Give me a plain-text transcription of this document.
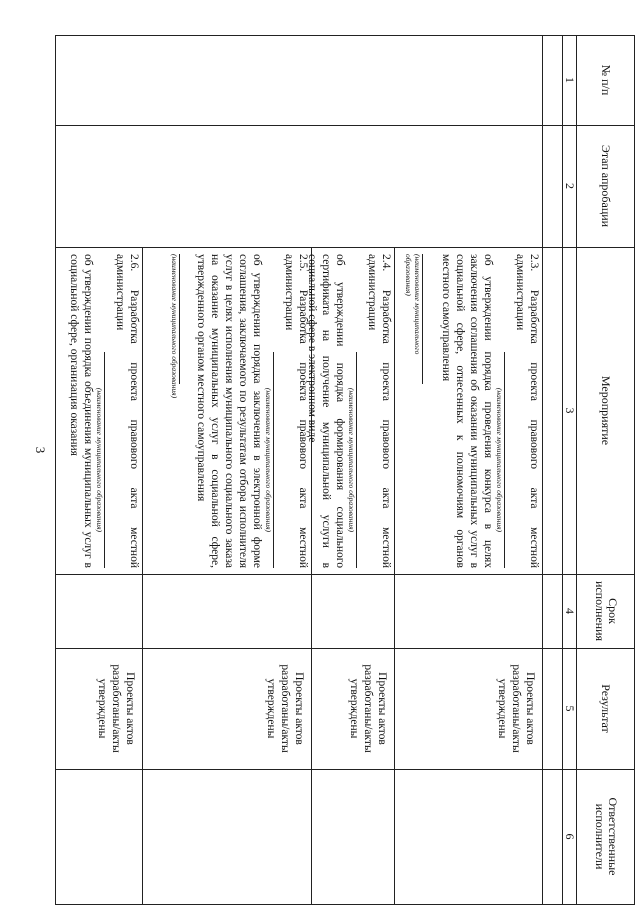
3
№ п/п
Этап апробации
Мероприятие
Срок исполнения
Результат
Ответственные исполнители
1
2
3
4
5
6
2.3. Разработка проекта правового акта местной администрации
(наименование муниципального образования)
об утверждении порядка проведения конкурса в целях заключения соглашения об оказании муниципальных услуг в социальной сфере, отнесенных к полномочиям органов местного самоуправления
(наименование муниципального образования)
Проекты актов разработаны/акты утверждены
2.4. Разработка проекта правового акта местной администрации
(наименование муниципального образования)
об утверждении порядка формирования социального сертификата на получение муниципальной услуги в социальной сфере в электронном виде
Проекты актов разработаны/акты утверждены
2.5. Разработка проекта правового акта местной администрации
(наименование муниципального образования)
об утверждении порядка заключения в электронной форме соглашения, заключаемого по результатам отбора исполнителя услуг в целях исполнения муниципального социального заказа на оказание муниципальных услуг в социальной сфере, утвержденного органом местного самоуправления
(наименование муниципального образования)
Проекты актов разработаны/акты утверждены
2.6. Разработка проекта правового акта местной администрации
(наименование муниципального образования)
об утверждении порядка объединения муниципальных услуг в социальной сфере, организация оказания
Проекты актов разработаны/акты утверждены
